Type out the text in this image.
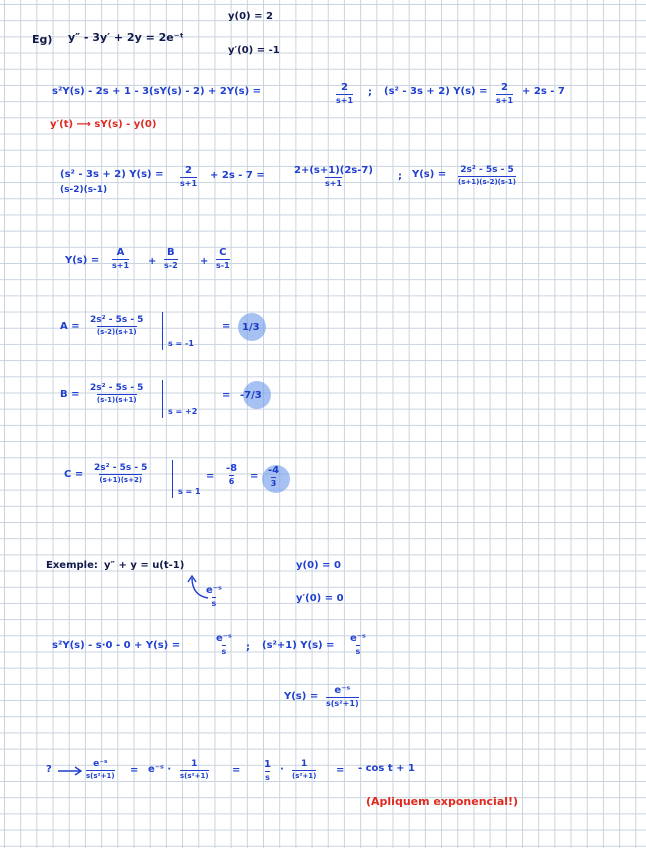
Eg) y″ - 3y′ + 2y = 2e⁻ᵗ
y(0) = 2
y′(0) = -1
s²Y(s) - 2s + 1 - 3(sY(s) - 2) + 2Y(s) =	2
s+1
; (s² - 3s + 2) Y(s) = 2
s+1
+ 2s - 7
y′(t) ⟶ sY(s) - y(0)
(s² - 3s + 2) Y(s) =
(s-2)(s-1)
2
s+1
+ 2s - 7 =	2+(s+1)(2s-7)
s+1
; Y(s) = 2s² - 5s - 5
(s+1)(s-2)(s-1)
Y(s) =
A
s+1 +
B
s-2 +
C
s-1
A =
2s² - 5s - 5
(s-2)(s+1)
s = -1
= 1/3
B =
2s² - 5s - 5
(s-1)(s+1)
s = +2
= -7/3
C =
2s² - 5s - 5
(s+1)(s+2)
s = 1
=
-8
6 =
-4
3
Exemple: y″ + y = u(t-1)	y(0) = 0
y′(0) = 0
e⁻ˢ
s
s²Y(s) - s·0 - 0 + Y(s) =
e⁻ˢ
s ; (s²+1) Y(s) =
e⁻ˢ
s
Y(s) =
e⁻ˢ
s(s²+1)
?	e⁻ˢ
s(s²+1) = e⁻ˢ · 1
s(s²+1) =
1
s
· 1
(s²+1) = - cos t + 1
(Apliquem exponencial!)
